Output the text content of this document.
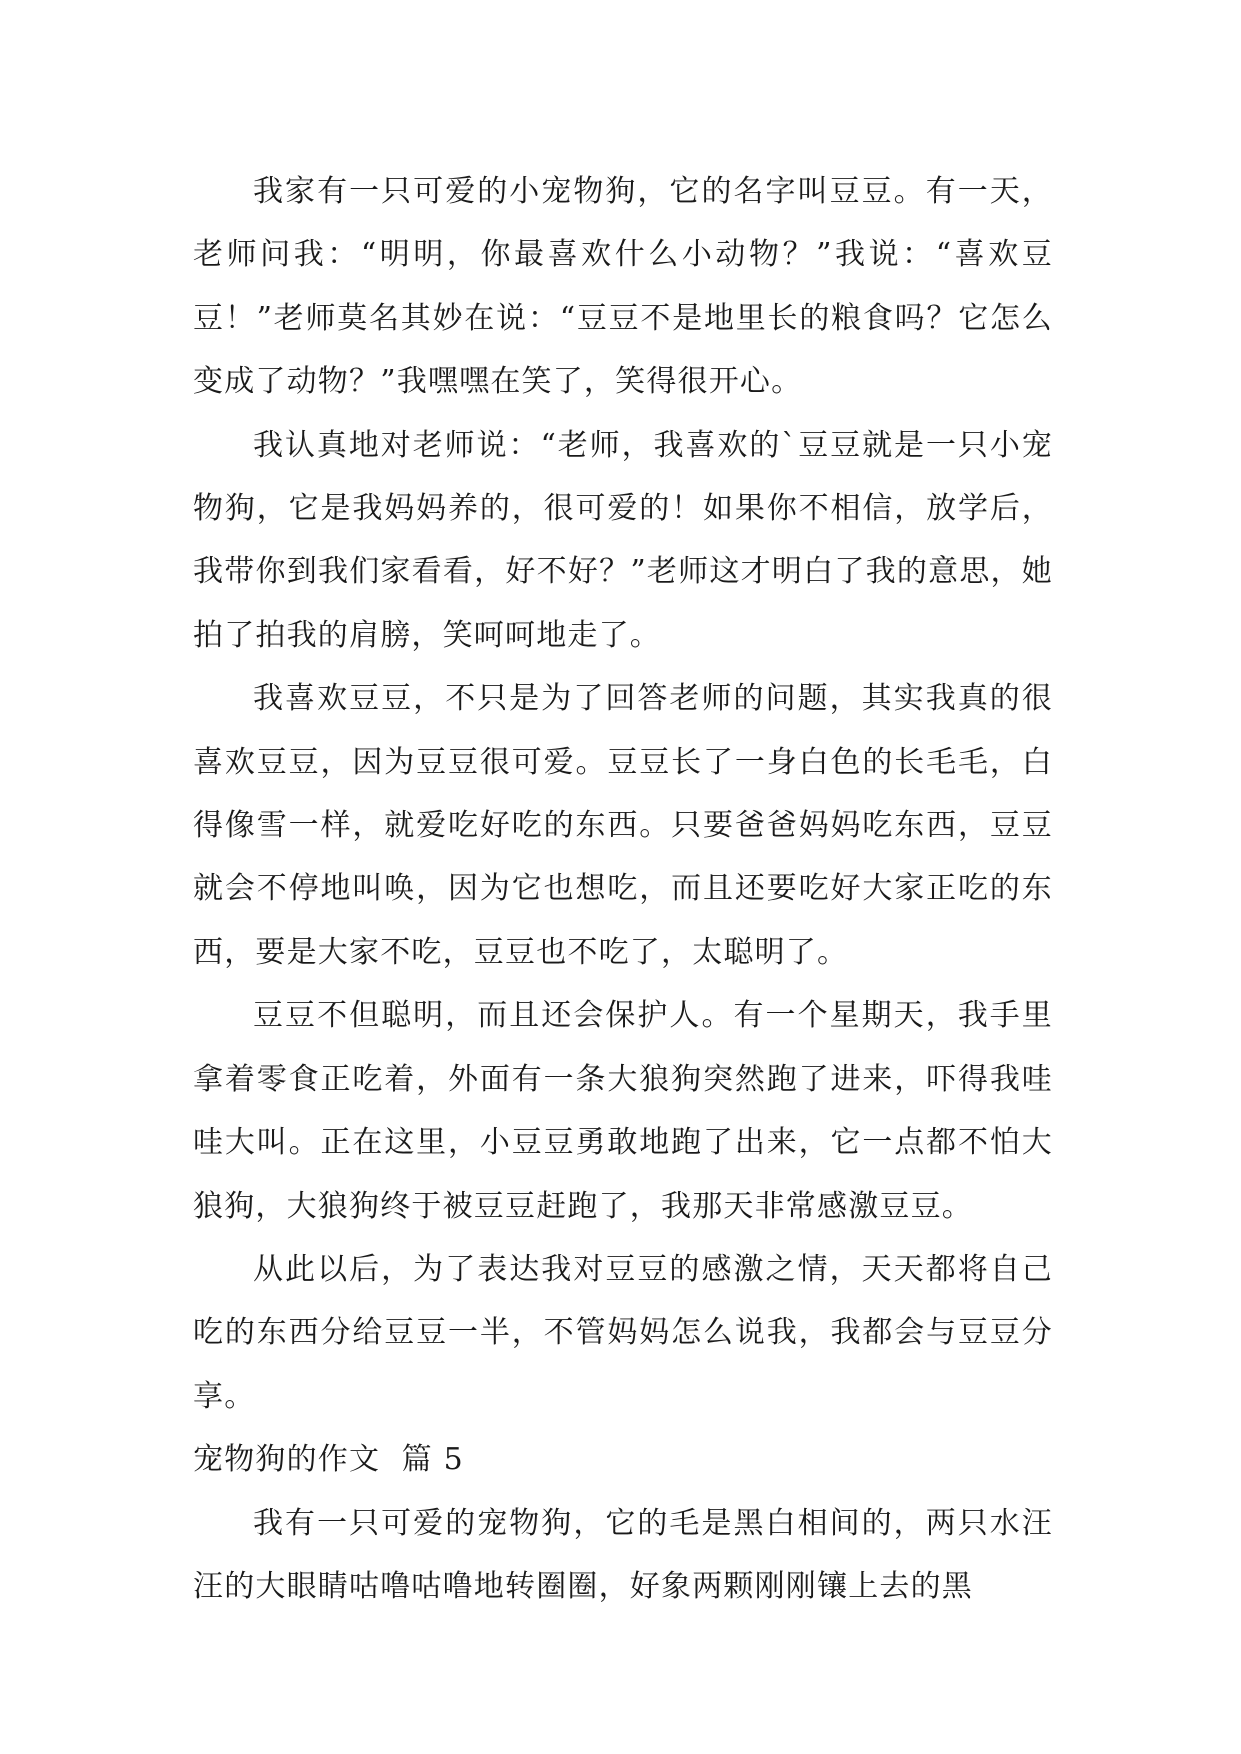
我家有一只可爱的小宠物狗，它的名字叫豆豆。有一天，老师问我：“明明，你最喜欢什么小动物？”我说：“喜欢豆豆！”老师莫名其妙在说：“豆豆不是地里长的粮食吗？它怎么变成了动物？”我嘿嘿在笑了，笑得很开心。

我认真地对老师说：“老师，我喜欢的`豆豆就是一只小宠物狗，它是我妈妈养的，很可爱的！如果你不相信，放学后，我带你到我们家看看，好不好？”老师这才明白了我的意思，她拍了拍我的肩膀，笑呵呵地走了。

我喜欢豆豆，不只是为了回答老师的问题，其实我真的很喜欢豆豆，因为豆豆很可爱。豆豆长了一身白色的长毛毛，白得像雪一样，就爱吃好吃的东西。只要爸爸妈妈吃东西，豆豆就会不停地叫唤，因为它也想吃，而且还要吃好大家正吃的东西，要是大家不吃，豆豆也不吃了，太聪明了。

豆豆不但聪明，而且还会保护人。有一个星期天，我手里拿着零食正吃着，外面有一条大狼狗突然跑了进来，吓得我哇哇大叫。正在这里，小豆豆勇敢地跑了出来，它一点都不怕大狼狗，大狼狗终于被豆豆赶跑了，我那天非常感激豆豆。

从此以后，为了表达我对豆豆的感激之情，天天都将自己吃的东西分给豆豆一半，不管妈妈怎么说我，我都会与豆豆分享。

宠物狗的作文  篇 5

我有一只可爱的宠物狗，它的毛是黑白相间的，两只水汪汪的大眼睛咕噜咕噜地转圈圈，好象两颗刚刚镶上去的黑
